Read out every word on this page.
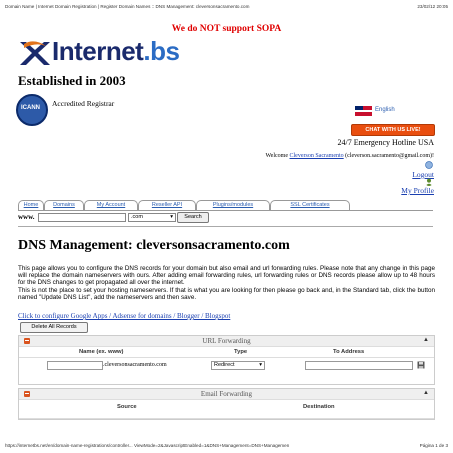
Domain Name | Internet Domain Registration | Register Domain Names :: DNS Management: cleversonsacramento.com	23/02/12 20:05
We do NOT support SOPA
Internet.bs
Established in 2003
ICANN Accredited Registrar
English
CHAT WITH US LIVE!
24/7 Emergency Hotline USA
Welcome Cleverson Sacramento (cleverson.sacramento@gmail.com)!
Logout
My Profile
Home	Domains	My Account	Reseller API	Plugins/modules	SSL Certificates
www.	.com	▾	Search
DNS Management: cleversonsacramento.com
This page allows you to configure the DNS records for your domain but also email and url forwarding rules. Please note that any change in this page will replace the domain nameservers with ours. After adding email forwarding rules, url forwarding rules or DNS records please allow up to 48 hours for the DNS changes to get propagated all over the internet.
This is not the place to set your hosting nameservers. If that is what you are looking for then please go back and, in the Standard tab, click the button named "Update DNS List", add the nameservers and then save.
Click to configure Google Apps / Adsense for domains / Blogger / Blogspot
Delete All Records
URL Forwarding	▲
Name (ex. www)	Type	To Address
.cleversonsacramento.com	Redirect	▾
Email Forwarding	▲
Source	Destination
https://internetbs.net/en/domain-name-registrations/controller... ViewMode=2&JavascriptEnabled=1&DNS+Management=DNS+Managemen	Página 1 de 3
